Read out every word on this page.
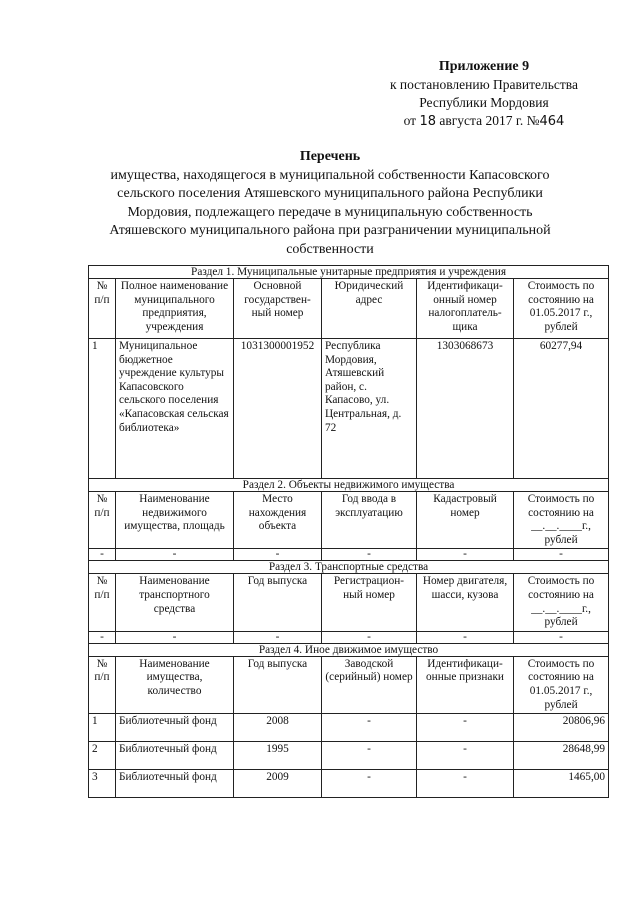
Приложение 9
к постановлению Правительства
Республики Мордовия
от 18 августа 2017 г. №464
Перечень
имущества, находящегося в муниципальной собственности Капасовского
сельского поселения Атяшевского муниципального района Республики
Мордовия, подлежащего передаче в муниципальную собственность
Атяшевского муниципального района при разграничении муниципальной
собственности
Раздел 1. Муниципальные унитарные предприятия и учреждения					
№ п/п	Полное наименование муниципального предприятия, учреждения	Основной государствен-ный номер	Юридический адрес	Идентификаци-онный номер налогоплатель-щика	Стоимость по состоянию на 01.05.2017 г., рублей
1	Муниципальное бюджетное учреждение культуры Капасовского сельского поселения «Капасовская сельская библиотека»	1031300001952	Республика Мордовия, Атяшевский район, с. Капасово, ул. Центральная, д. 72	1303068673	60277,94
Раздел 2. Объекты недвижимого имущества					
№ п/п	Наименование недвижимого имущества, площадь	Место нахождения объекта	Год ввода в эксплуатацию	Кадастровый номер	Стоимость по состоянию на __.__.____г., рублей
-	-	-	-	-	-
Раздел 3. Транспортные средства					
№ п/п	Наименование транспортного средства	Год выпуска	Регистрацион-ный номер	Номер двигателя, шасси, кузова	Стоимость по состоянию на __.__.____г., рублей
-	-	-	-	-	-
Раздел 4. Иное движимое имущество					
№ п/п	Наименование имущества, количество	Год выпуска	Заводской (серийный) номер	Идентификаци-онные признаки	Стоимость по состоянию на 01.05.2017 г., рублей
1	Библиотечный фонд	2008	-	-	20806,96
2	Библиотечный фонд	1995	-	-	28648,99
3	Библиотечный фонд	2009	-	-	1465,00
